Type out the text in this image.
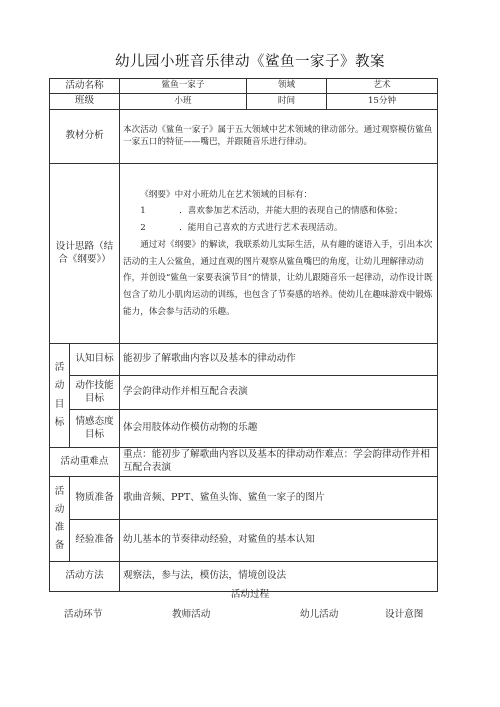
幼儿园小班音乐律动《鲨鱼一家子》教案
活动名称		鲨鱼一家子	领域	艺术
班级		小班	时间	15分钟
教材分析		本次活动《鲨鱼一家子》属于五大领域中艺术领域的律动部分。通过观察模仿鲨鱼一家五口的特征——嘴巴，并跟随音乐进行律动。		
设计思路（结合《纲要》）		《纲要》中对小班幼儿在艺术领域的目标有：

1 ．喜欢参加艺术活动，并能大胆的表现自己的情感和体验；

2 ．能用自己喜欢的方式进行艺术表现活动。

通过对《纲要》的解读，我联系幼儿实际生活，从有趣的谜语入手，引出本次活动的主人公鲨鱼，通过直观的图片观察从鲨鱼嘴巴的角度，让幼儿理解律动动作，并创设“鲨鱼一家要表演节目”的情景，让幼儿跟随音乐一起律动，动作设计既包含了幼儿小肌肉运动的训练，也包含了节奏感的培养。使幼儿在趣味游戏中锻炼能力，体会参与活动的乐趣。		

活
动
目
标	认知目标	能初步了解歌曲内容以及基本的律动动作		
	动作技能目标	学会韵律动作并相互配合表演		
	情感态度目标	体会用肢体动作模仿动物的乐趣		
活动重难点		重点：能初步了解歌曲内容以及基本的律动动作难点：学会韵律动作并相互配合表演		

活
动
准
备	物质准备	歌曲音频、PPT、鲨鱼头饰、鲨鱼一家子的图片		
	经验准备	幼儿基本的节奏律动经验，对鲨鱼的基本认知		
活动方法		观察法，参与法，模仿法，情境创设法		
活动过程
活动环节	教师活动	幼儿活动	设计意图
